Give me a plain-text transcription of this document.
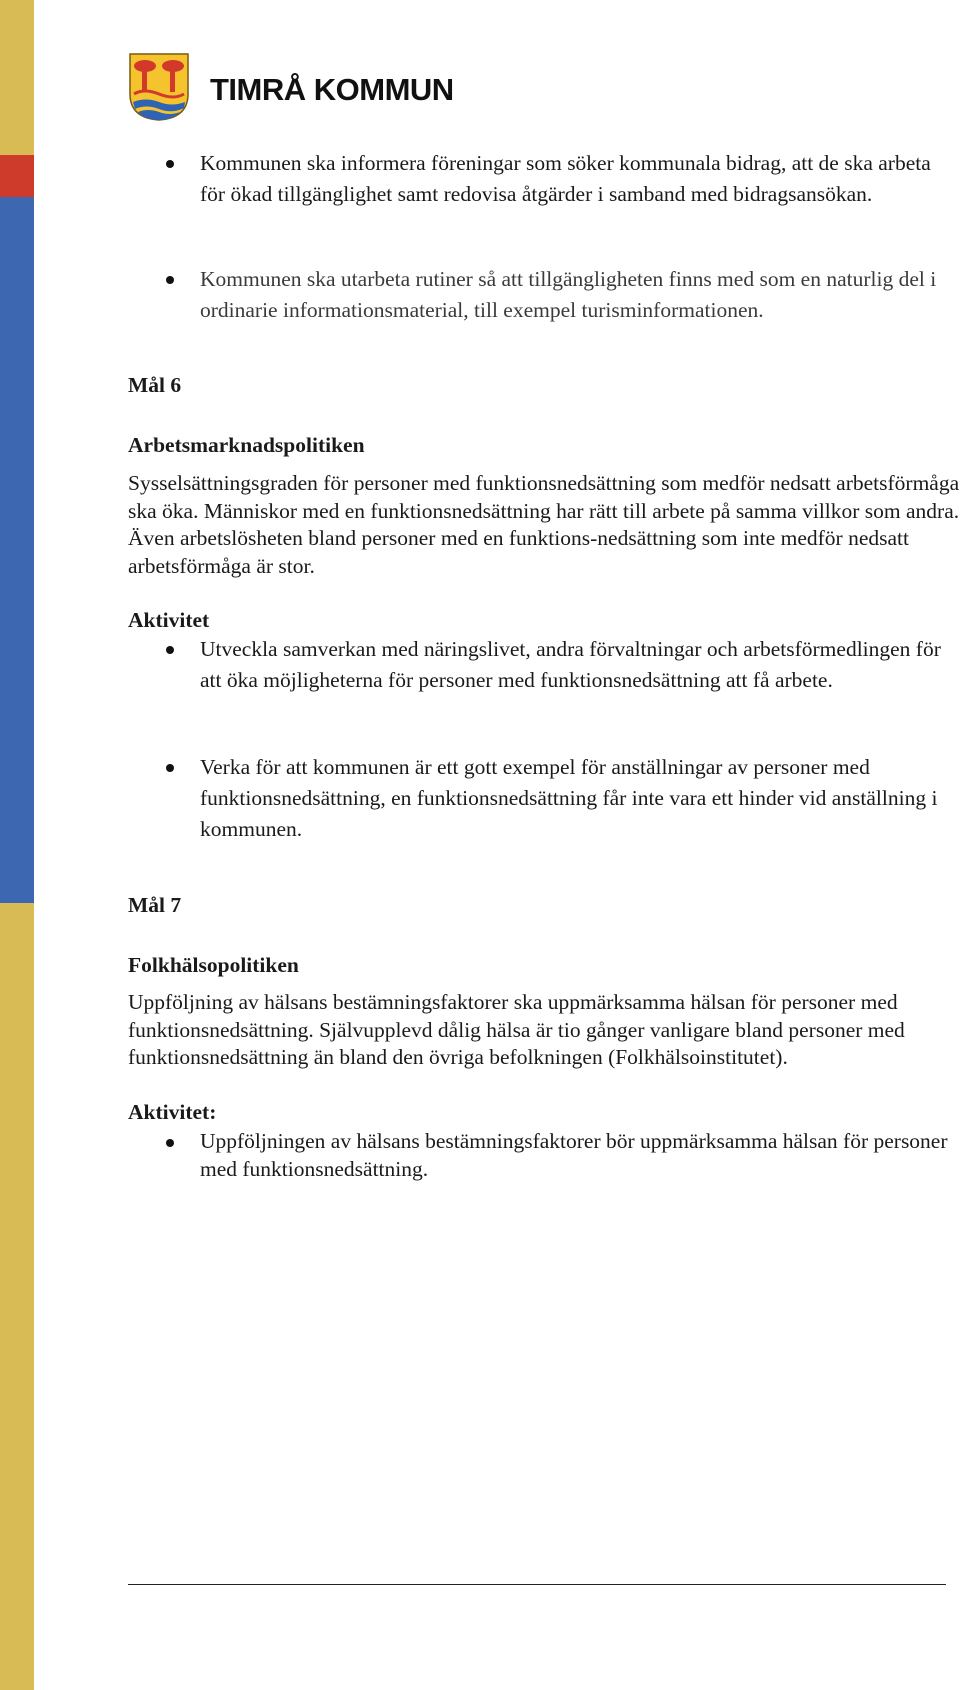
TIMRÅ KOMMUN
Kommunen ska informera föreningar som söker kommunala bidrag, att de ska arbeta för ökad tillgänglighet samt redovisa åtgärder i samband med bidragsansökan.
Kommunen ska utarbeta rutiner så att tillgängligheten finns med som en naturlig del i ordinarie informationsmaterial, till exempel turisminformationen.
Mål 6
Arbetsmarknadspolitiken
Sysselsättningsgraden för personer med funktionsnedsättning som medför nedsatt arbetsförmåga ska öka. Människor med en funktionsnedsättning har rätt till arbete på samma villkor som andra. Även arbetslösheten bland personer med en funktions-nedsättning som inte medför nedsatt arbetsförmåga är stor.
Aktivitet
Utveckla samverkan med näringslivet, andra förvaltningar och arbetsförmedlingen för att öka möjligheterna för personer med funktionsnedsättning att få arbete.
Verka för att kommunen är ett gott exempel för anställningar av personer med funktionsnedsättning, en funktionsnedsättning får inte vara ett hinder vid anställning i kommunen.
Mål 7
Folkhälsopolitiken
Uppföljning av hälsans bestämningsfaktorer ska uppmärksamma hälsan för personer med funktionsnedsättning. Självupplevd dålig hälsa är tio gånger vanligare bland personer med funktionsnedsättning än bland den övriga befolkningen (Folkhälsoinstitutet).
Aktivitet:
Uppföljningen av hälsans bestämningsfaktorer bör uppmärksamma hälsan för personer med funktionsnedsättning.
